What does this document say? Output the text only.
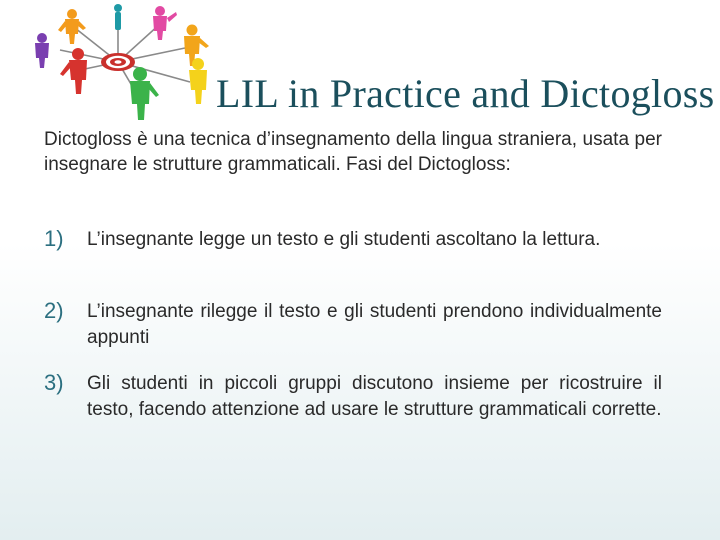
LIL in Practice and Dictogloss
Dictogloss è una tecnica d’insegnamento della lingua straniera, usata per insegnare le strutture grammaticali. Fasi del Dictogloss:
1)	L’insegnante legge un testo e gli studenti ascoltano la lettura.
2)	L’insegnante rilegge il testo e gli studenti prendono individualmente appunti
3)	Gli studenti in piccoli gruppi discutono insieme per ricostruire il testo, facendo attenzione ad usare le strutture grammaticali corrette.
